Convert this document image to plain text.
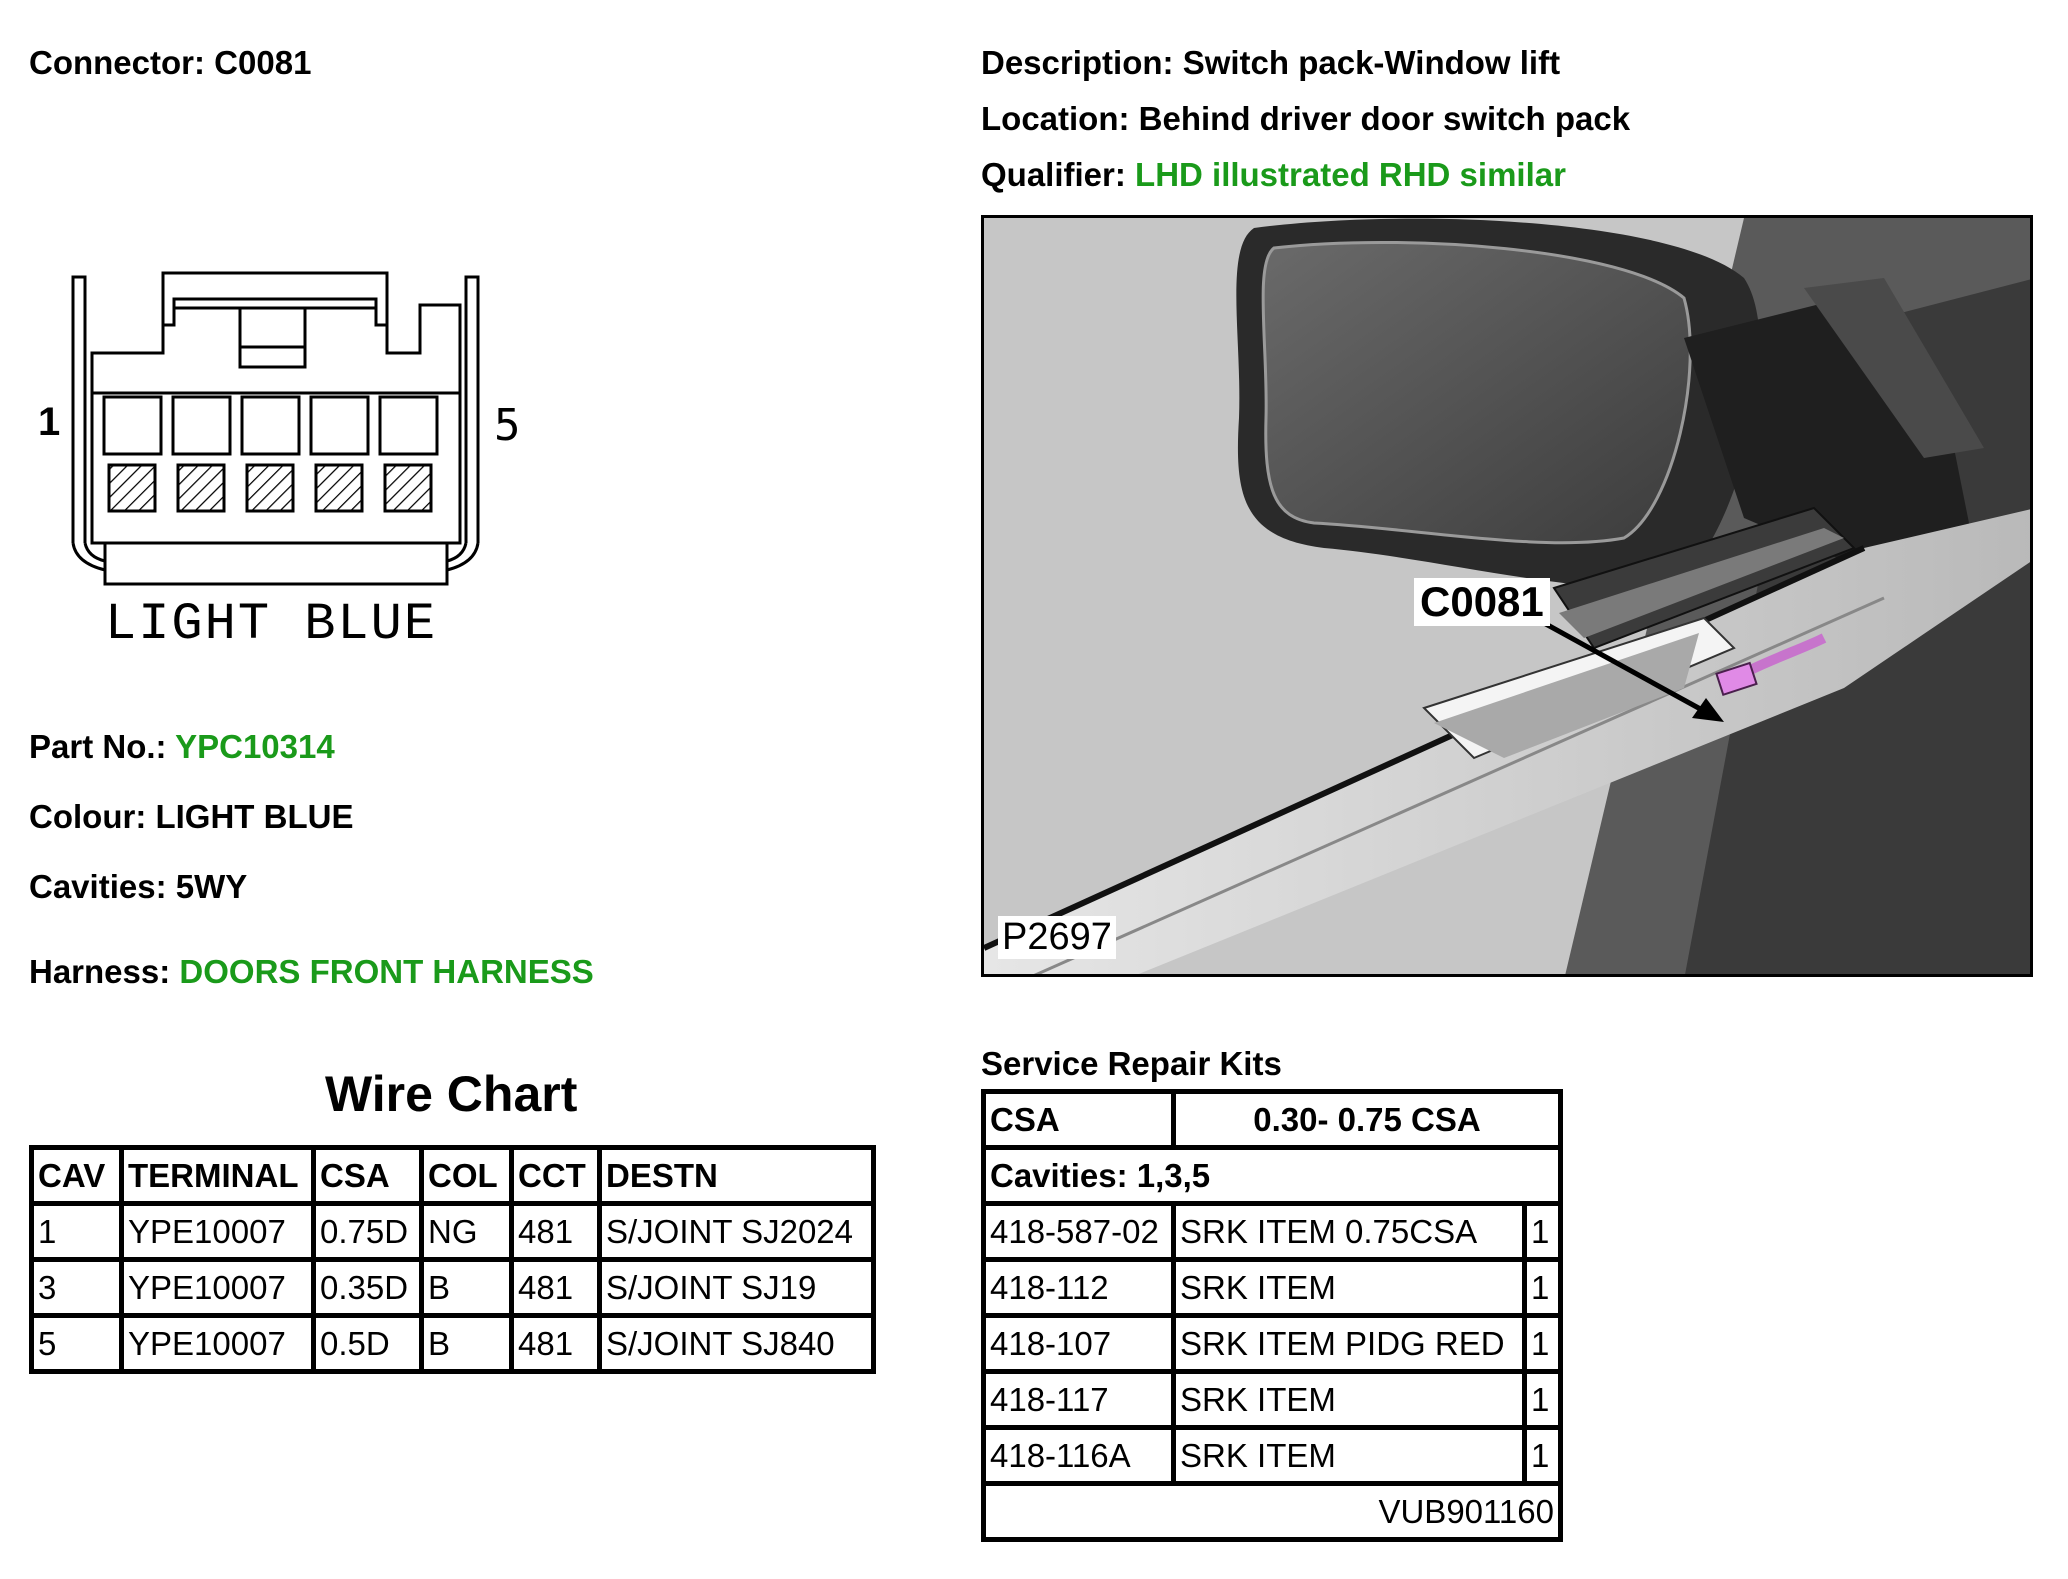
Connector: C0081	Description: Switch pack-Window lift
Location: Behind driver door switch pack
Qualifier: LHD illustrated RHD similar
1	5
LIGHT BLUE
Part No.: YPC10314
Colour: LIGHT BLUE
Cavities: 5WY
Harness: DOORS FRONT HARNESS
C0081
P2697
Wire Chart
CAV	TERMINAL	CSA	COL	CCT	DESTN
1	YPE10007	0.75D	NG	481	S/JOINT SJ2024
3	YPE10007	0.35D	B	481	S/JOINT SJ19
5	YPE10007	0.5D	B	481	S/JOINT SJ840
Service Repair Kits
CSA	0.30- 0.75 CSA	
Cavities: 1,3,5		
418-587-02	SRK ITEM 0.75CSA	1
418-112	SRK ITEM	1
418-107	SRK ITEM PIDG RED	1
418-117	SRK ITEM	1
418-116A	SRK ITEM	1
VUB901160		
